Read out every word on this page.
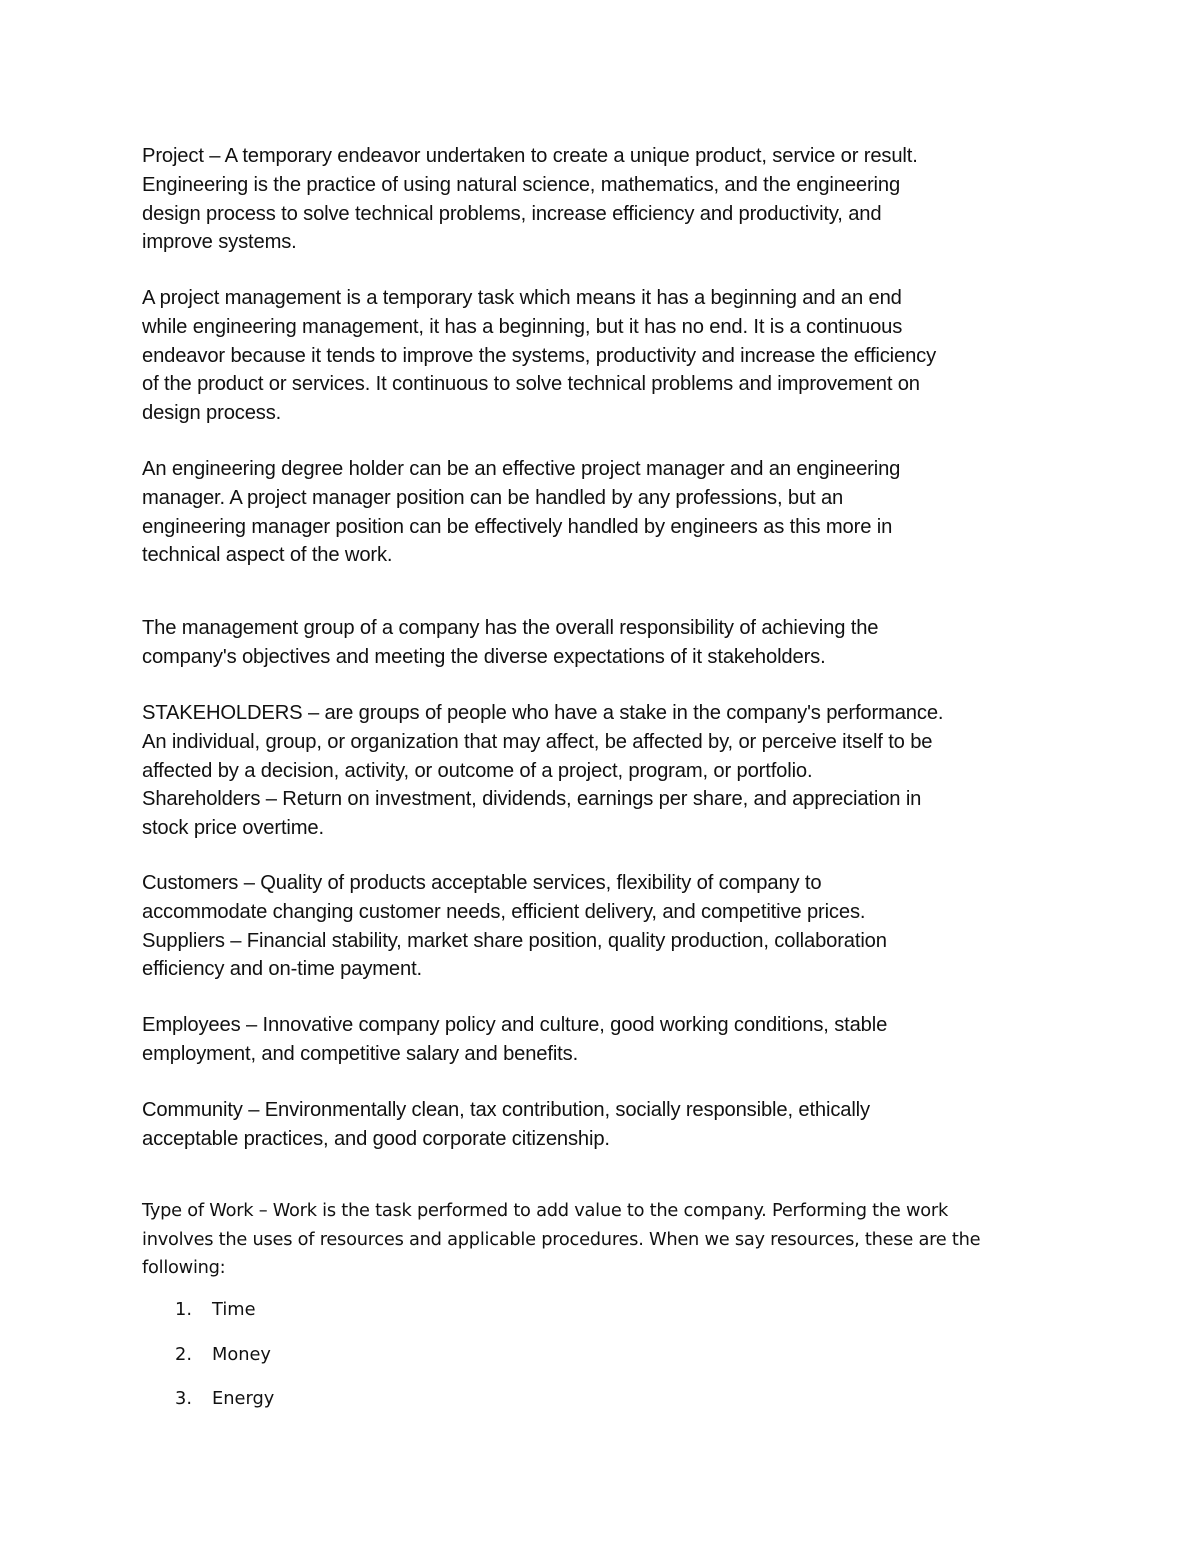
Project – A temporary endeavor undertaken to create a unique product, service or result.
Engineering is the practice of using natural science, mathematics, and the engineering
design process to solve technical problems, increase efficiency and productivity, and
improve systems.

A project management is a temporary task which means it has a beginning and an end
while engineering management, it has a beginning, but it has no end. It is a continuous
endeavor because it tends to improve the systems, productivity and increase the efficiency
of the product or services. It continuous to solve technical problems and improvement on
design process.

An engineering degree holder can be an effective project manager and an engineering
manager. A project manager position can be handled by any professions, but an
engineering manager position can be effectively handled by engineers as this more in
technical aspect of the work.

The management group of a company has the overall responsibility of achieving the
company's objectives and meeting the diverse expectations of it stakeholders.

STAKEHOLDERS – are groups of people who have a stake in the company's performance.
An individual, group, or organization that may affect, be affected by, or perceive itself to be
affected by a decision, activity, or outcome of a project, program, or portfolio.
Shareholders – Return on investment, dividends, earnings per share, and appreciation in
stock price overtime.

Customers – Quality of products acceptable services, flexibility of company to
accommodate changing customer needs, efficient delivery, and competitive prices.
Suppliers – Financial stability, market share position, quality production, collaboration
efficiency and on-time payment.

Employees – Innovative company policy and culture, good working conditions, stable
employment, and competitive salary and benefits.

Community – Environmentally clean, tax contribution, socially responsible, ethically
acceptable practices, and good corporate citizenship.

Type of Work – Work is the task performed to add value to the company. Performing the work
involves the uses of resources and applicable procedures. When we say resources, these are the
following:

1.	Time
2.	Money
3.	Energy
